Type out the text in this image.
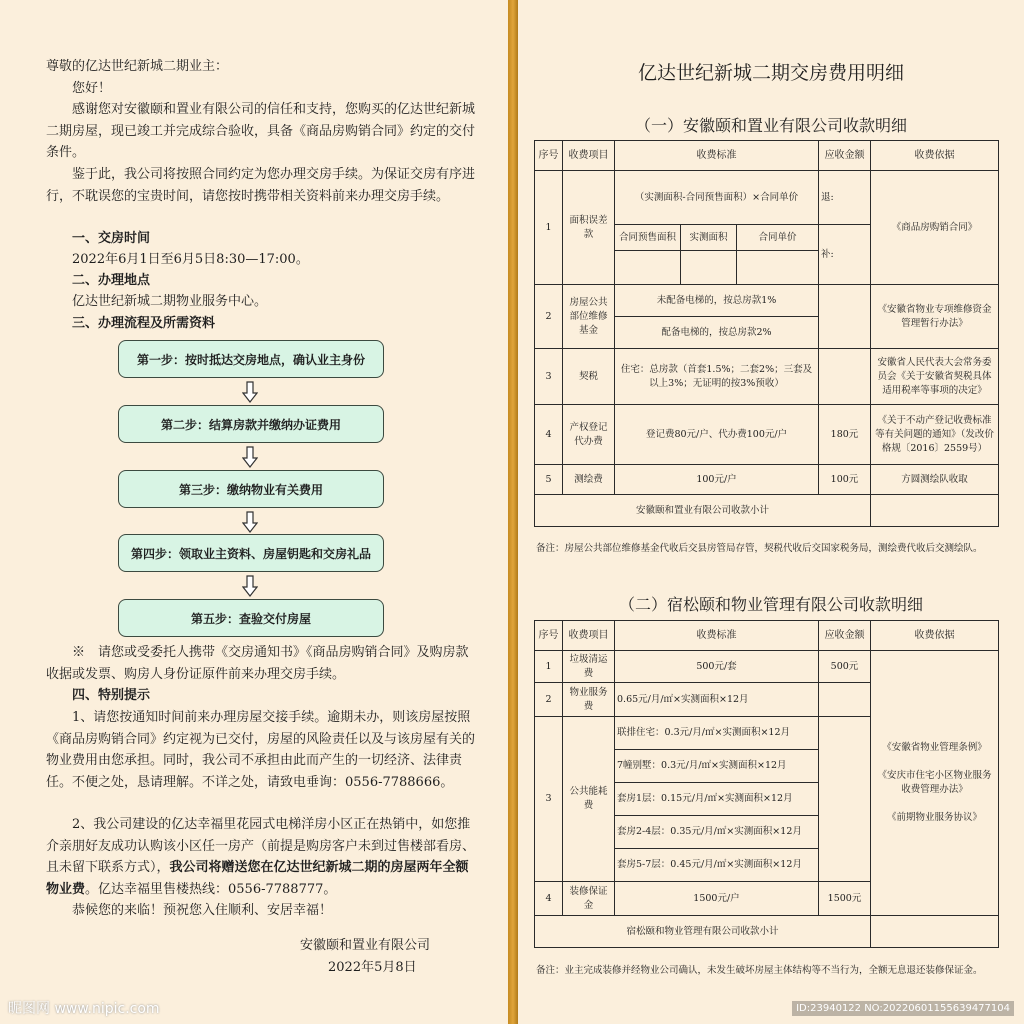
尊敬的亿达世纪新城二期业主：
您好！
感谢您对安徽颐和置业有限公司的信任和支持，您购买的亿达世纪新城二期房屋，现已竣工并完成综合验收，具备《商品房购销合同》约定的交付条件。
鉴于此，我公司将按照合同约定为您办理交房手续。为保证交房有序进行，不耽误您的宝贵时间，请您按时携带相关资料前来办理交房手续。
一、交房时间
2022年6月1日至6月5日8:30—17:00。
二、办理地点
亿达世纪新城二期物业服务中心。
三、办理流程及所需资料
第一步：按时抵达交房地点，确认业主身份
第二步：结算房款并缴纳办证费用
第三步：缴纳物业有关费用
第四步：领取业主资料、房屋钥匙和交房礼品
第五步：查验交付房屋
※　请您或受委托人携带《交房通知书》《商品房购销合同》及购房款收据或发票、购房人身份证原件前来办理交房手续。
四、特别提示
1、请您按通知时间前来办理房屋交接手续。逾期未办，则该房屋按照《商品房购销合同》约定视为已交付，房屋的风险责任以及与该房屋有关的物业费用由您承担。同时，我公司不承担由此而产生的一切经济、法律责任。不便之处，恳请理解。不详之处，请致电垂询：0556-7788666。
2、我公司建设的亿达幸福里花园式电梯洋房小区正在热销中，如您推介亲朋好友成功认购该小区任一房产（前提是购房客户未到过售楼部看房、且未留下联系方式），我公司将赠送您在亿达世纪新城二期的房屋两年全额物业费。亿达幸福里售楼热线：0556-7788777。
恭候您的来临！预祝您入住顺利、安居幸福！
安徽颐和置业有限公司
2022年5月8日
亿达世纪新城二期交房费用明细
（一）安徽颐和置业有限公司收款明细
序号	收费项目	收费标准			应收金额	收费依据
1	面积误差款	（实测面积-合同预售面积）×合同单价			退:	《商品房购销合同》
		合同预售面积	实测面积	合同单价	补:	

2	房屋公共部位维修基金	未配备电梯的，按总房款1%				《安徽省物业专项维修资金管理暂行办法》
		配备电梯的，按总房款2%				
3	契税	住宅：总房款（首套1.5%；二套2%；三套及以上3%；无证明的按3%预收）				安徽省人民代表大会常务委员会《关于安徽省契税具体适用税率等事项的决定》
4	产权登记代办费	登记费80元/户、代办费100元/户			180元	《关于不动产登记收费标准等有关问题的通知》（发改价格规〔2016〕2559号）
5	测绘费	100元/户			100元	方圆测绘队收取
安徽颐和置业有限公司收款小计						
备注：房屋公共部位维修基金代收后交县房管局存管，契税代收后交国家税务局，测绘费代收后交测绘队。
（二）宿松颐和物业管理有限公司收款明细
序号	收费项目	收费标准	应收金额	收费依据
1	垃圾清运费	500元/套	500元	《安徽省物业管理条例》

《安庆市住宅小区物业服务收费管理办法》

《前期物业服务协议》

2	物业服务费	0.65元/月/㎡×实测面积×12月		
3	公共能耗费	联排住宅：0.3元/月/㎡×实测面积×12月		
		7幢别墅：0.3元/月/㎡×实测面积×12月		
		套房1层：0.15元/月/㎡×实测面积×12月		
		套房2-4层：0.35元/月/㎡×实测面积×12月		
		套房5-7层：0.45元/月/㎡×实测面积×12月		
4	装修保证金	1500元/户	1500元	
宿松颐和物业管理有限公司收款小计				
备注：业主完成装修并经物业公司确认，未发生破坏房屋主体结构等不当行为，全额无息退还装修保证金。
昵图网 www.nipic.com	ID:23940122 NO:20220601155639477104
